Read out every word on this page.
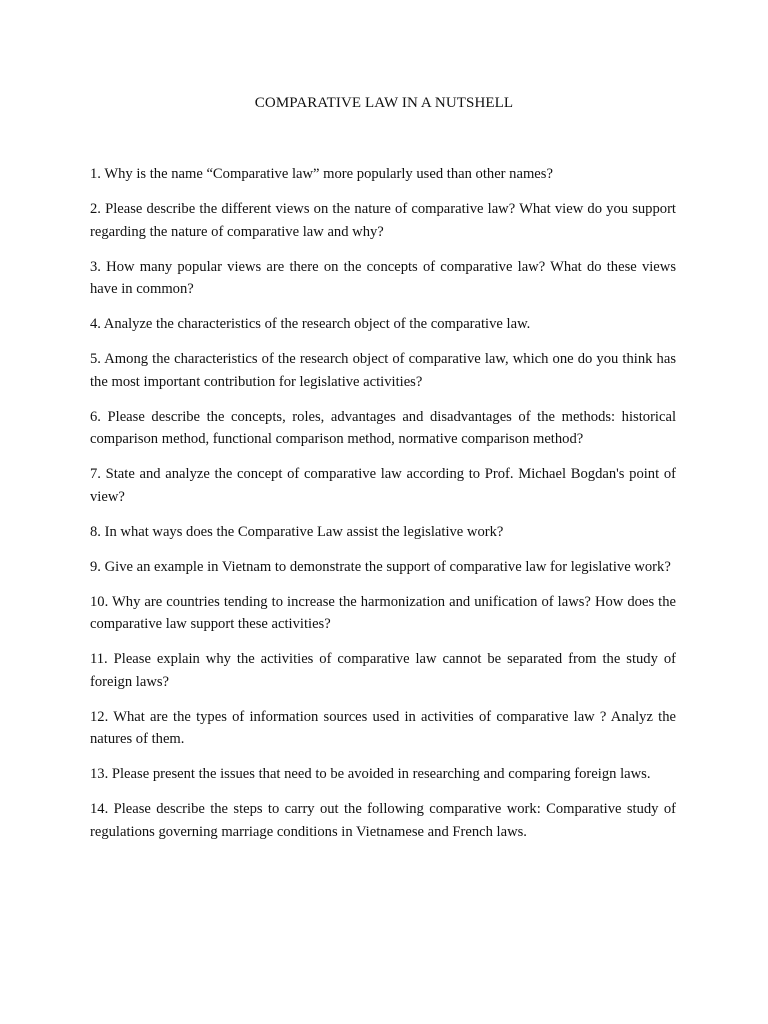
COMPARATIVE LAW IN A NUTSHELL
1. Why is the name “Comparative law” more popularly used than other names?
2. Please describe the different views on the nature of comparative law? What view do you support regarding the nature of comparative law and why?
3. How many popular views are there on the concepts of comparative law? What do these views have in common?
4. Analyze the characteristics of the research object of the comparative law.
5. Among the characteristics of the research object of comparative law, which one do you think has the most important contribution for legislative activities?
6. Please describe the concepts, roles, advantages and disadvantages of the methods: historical comparison method, functional comparison method, normative comparison method?
7. State and analyze the concept of comparative law according to Prof. Michael Bogdan's point of view?
8. In what ways does the Comparative Law assist the legislative work?
9. Give an example in Vietnam to demonstrate the support of comparative law for legislative work?
10. Why are countries tending to increase the harmonization and unification of laws? How does the comparative law support these activities?
11. Please explain why the activities of comparative law cannot be separated from the study of foreign laws?
12. What are the types of information sources used in activities of comparative law ? Analyz the natures of them.
13. Please present the issues that need to be avoided in researching and comparing foreign laws.
14. Please describe the steps to carry out the following comparative work: Comparative study of regulations governing marriage conditions in Vietnamese and French laws.
